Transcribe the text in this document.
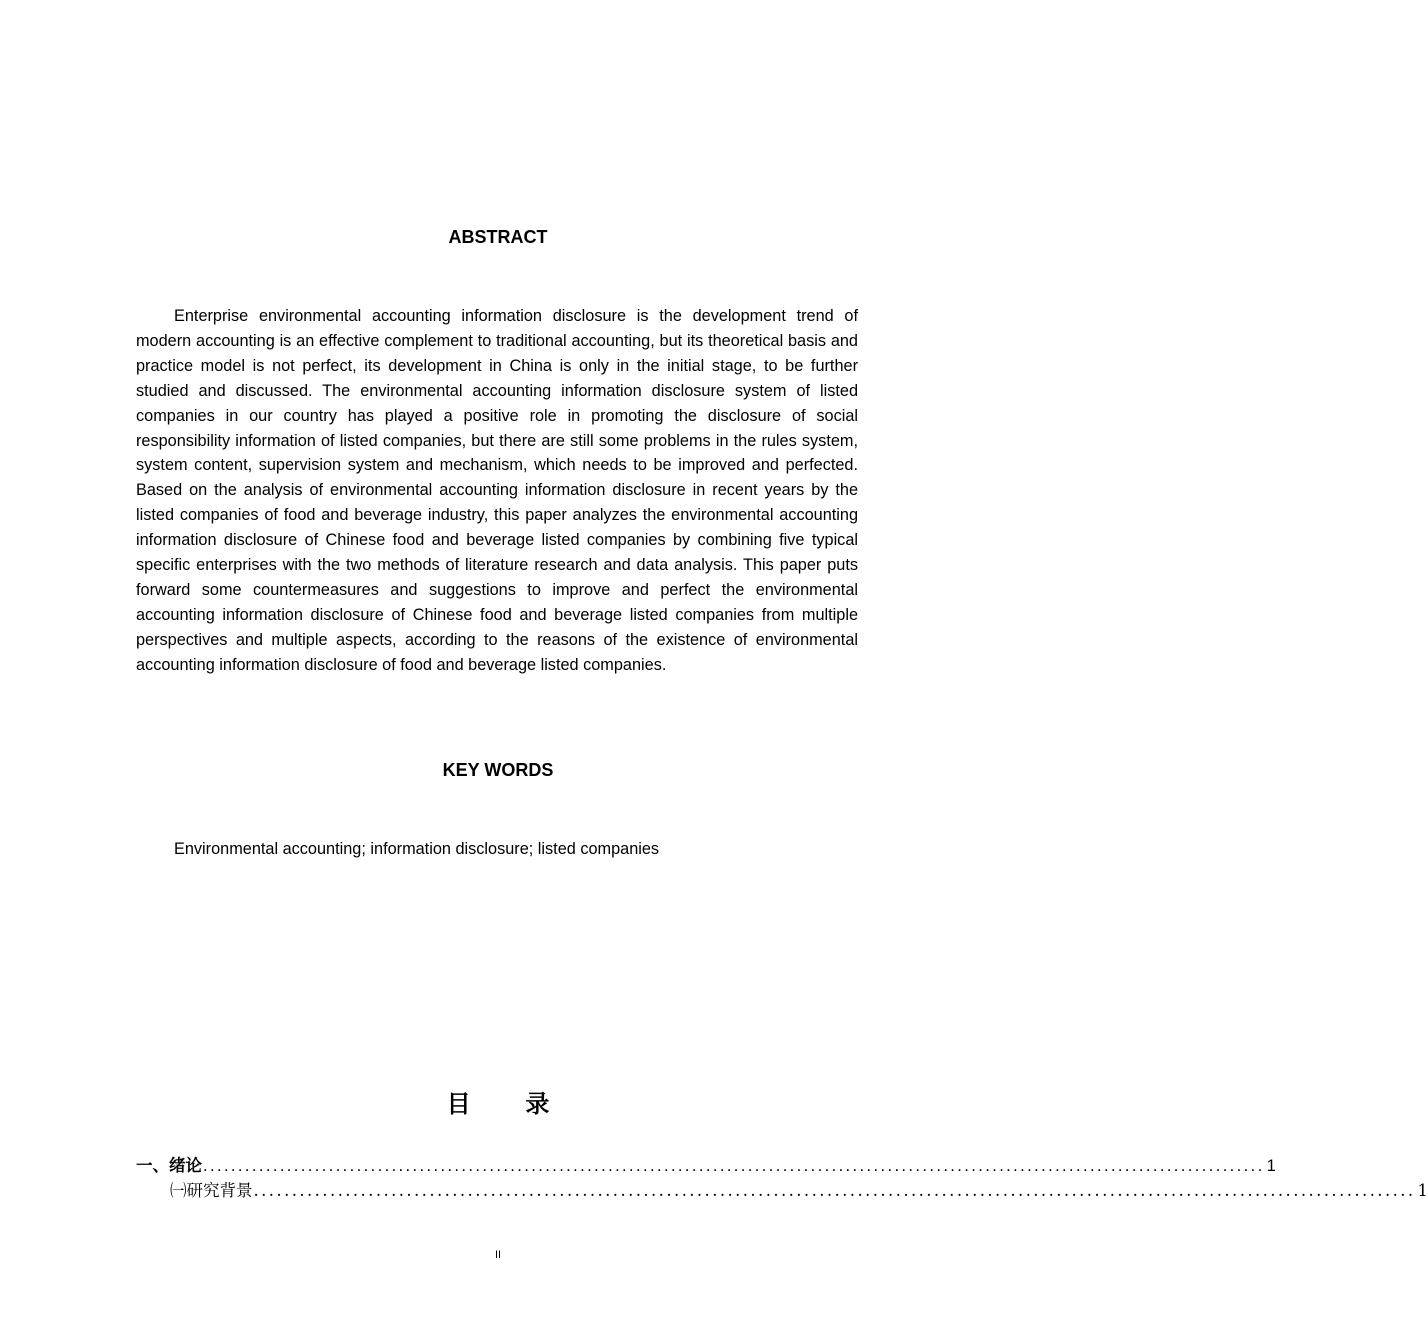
ABSTRACT

Enterprise environmental accounting information disclosure is the development trend of modern accounting is an effective complement to traditional accounting, but its theoretical basis and practice model is not perfect, its development in China is only in the initial stage, to be further studied and discussed. The environmental accounting information disclosure system of listed companies in our country has played a positive role in promoting the disclosure of social responsibility information of listed companies, but there are still some problems in the rules system, system content, supervision system and mechanism, which needs to be improved and perfected. Based on the analysis of environmental accounting information disclosure in recent years by the listed companies of food and beverage industry, this paper analyzes the environmental accounting information disclosure of Chinese food and beverage listed companies by combining five typical specific enterprises with the two methods of literature research and data analysis. This paper puts forward some countermeasures and suggestions to improve and perfect the environmental accounting information disclosure of Chinese food and beverage listed companies from multiple perspectives and multiple aspects, according to the reasons of the existence of environmental accounting information disclosure of food and beverage listed companies.

KEY WORDS

Environmental accounting; information disclosure; listed companies

目 录
一、绪论 ........................................................................................................................................................ 1
㈠研究背景 ........................................................................................................................................................ 1
II
